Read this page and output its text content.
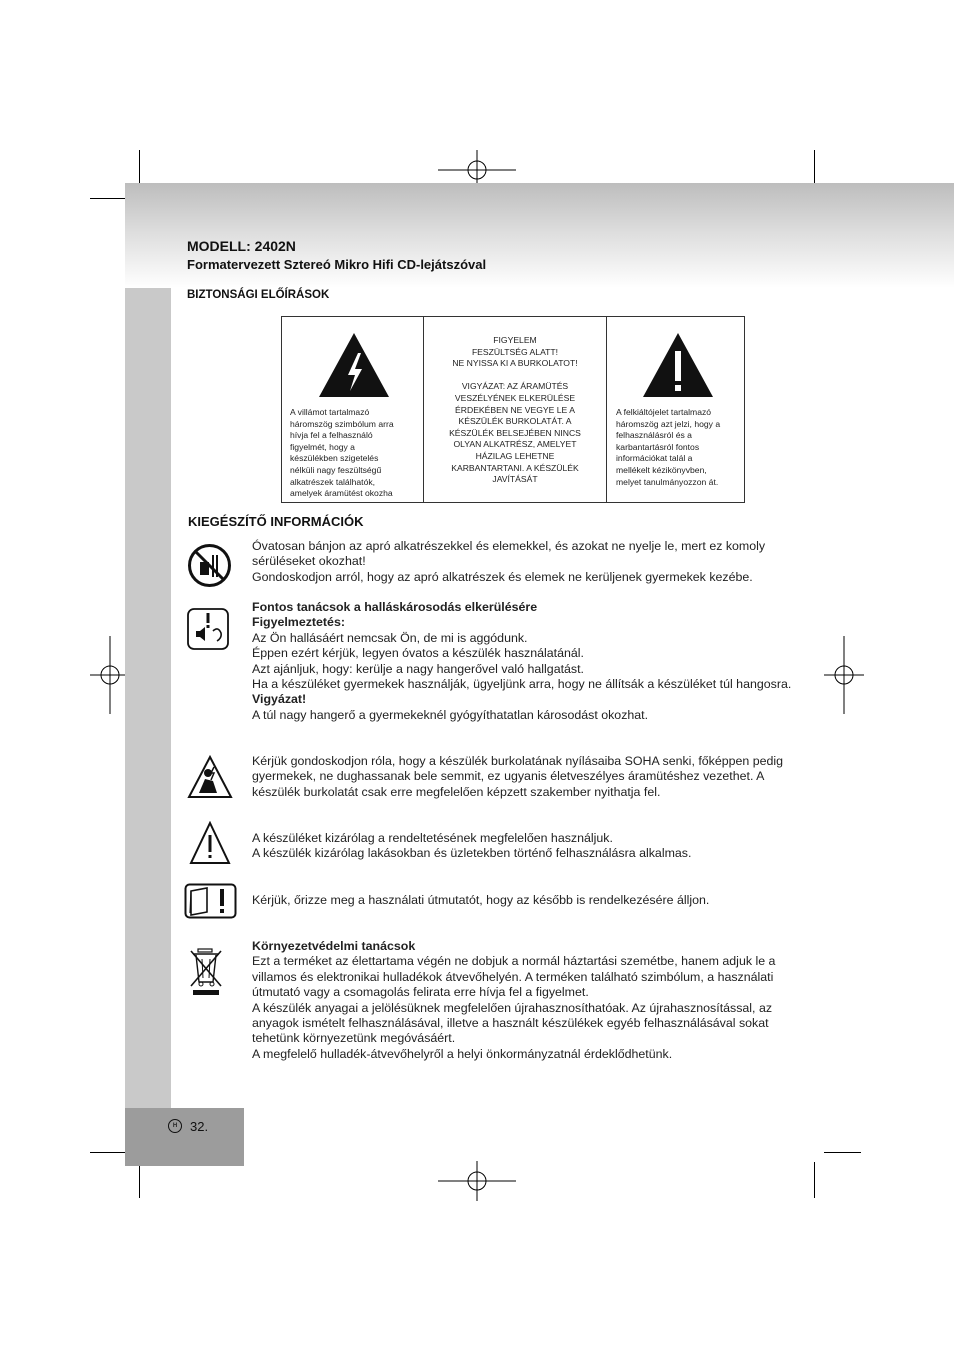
MODELL: 2402N
Formatervezett Sztereó Mikro Hifi CD-lejátszóval
BIZTONSÁGI ELŐÍRÁSOK
A villámot tartalmazó
háromszög szimbólum arra
hívja fel a felhasználó
figyelmét, hogy a
készülékben szigetelés
nélküli nagy feszültségű
alkatrészek találhatók,
amelyek áramütést okozha
FIGYELEM
FESZÜLTSÉG ALATT!
NE NYISSA KI A BURKOLATOT!

VIGYÁZAT: AZ ÁRAMÜTÉS
VESZÉLYÉNEK ELKERÜLÉSE
ÉRDEKÉBEN NE VEGYE LE A
KÉSZÜLÉK BURKOLATÁT. A
KÉSZÜLÉK BELSEJÉBEN NINCS
OLYAN ALKATRÉSZ, AMELYET
HÁZILAG LEHETNE
KARBANTARTANI. A KÉSZÜLÉK
JAVÍTÁSÁT
A felkiáltójelet tartalmazó
háromszög azt jelzi, hogy a
felhasználásról és a
karbantartásról fontos
információkat talál a
mellékelt kézikönyvben,
melyet tanulmányozzon át.
KIEGÉSZÍTŐ INFORMÁCIÓK

Óvatosan bánjon az apró alkatrészekkel és elemekkel, és azokat ne nyelje le, mert ez komoly sérüléseket okozhat!

Gondoskodjon arról, hogy az apró alkatrészek és elemek ne kerüljenek gyermekek kezébe.

Fontos tanácsok a halláskárosodás elkerülésére

Figyelmeztetés:

Az Ön hallásáért nemcsak Ön, de mi is aggódunk.

Éppen ezért kérjük, legyen óvatos a készülék használatánál.

Azt ajánljuk, hogy: kerülje a nagy hangerővel való hallgatást.

Ha a készüléket gyermekek használják, ügyeljünk arra, hogy ne állítsák a készüléket túl hangosra.

Vigyázat!

A túl nagy hangerő a gyermekeknél gyógyíthatatlan károsodást okozhat.

Kérjük gondoskodjon róla, hogy a készülék burkolatának nyílásaiba SOHA senki, főképpen pedig gyermekek, ne dughassanak bele semmit, ez ugyanis életveszélyes áramütéshez vezethet. A készülék burkolatát csak erre megfelelően képzett szakember nyithatja fel.

A készüléket kizárólag a rendeltetésének megfelelően használjuk.

A készülék kizárólag lakásokban és üzletekben történő felhasználásra alkalmas.

Kérjük, őrizze meg a használati útmutatót, hogy az később is rendelkezésére álljon.

Környezetvédelmi tanácsok

Ezt a terméket az élettartama végén ne dobjuk a normál háztartási szemétbe, hanem adjuk le a villamos és elektronikai hulladékok átvevőhelyén. A terméken található szimbólum, a használati útmutató vagy a csomagolás felirata erre hívja fel a figyelmet.

A készülék anyagai a jelölésüknek megfelelően újrahasznosíthatóak. Az újrahasznosítással, az anyagok ismételt felhasználásával, illetve a használt készülékek egyéb felhasználásával sokat tehetünk környezetünk megóvásáért.

A megfelelő hulladék-átvevőhelyről a helyi önkormányzatnál érdeklődhetünk.

H 32.
